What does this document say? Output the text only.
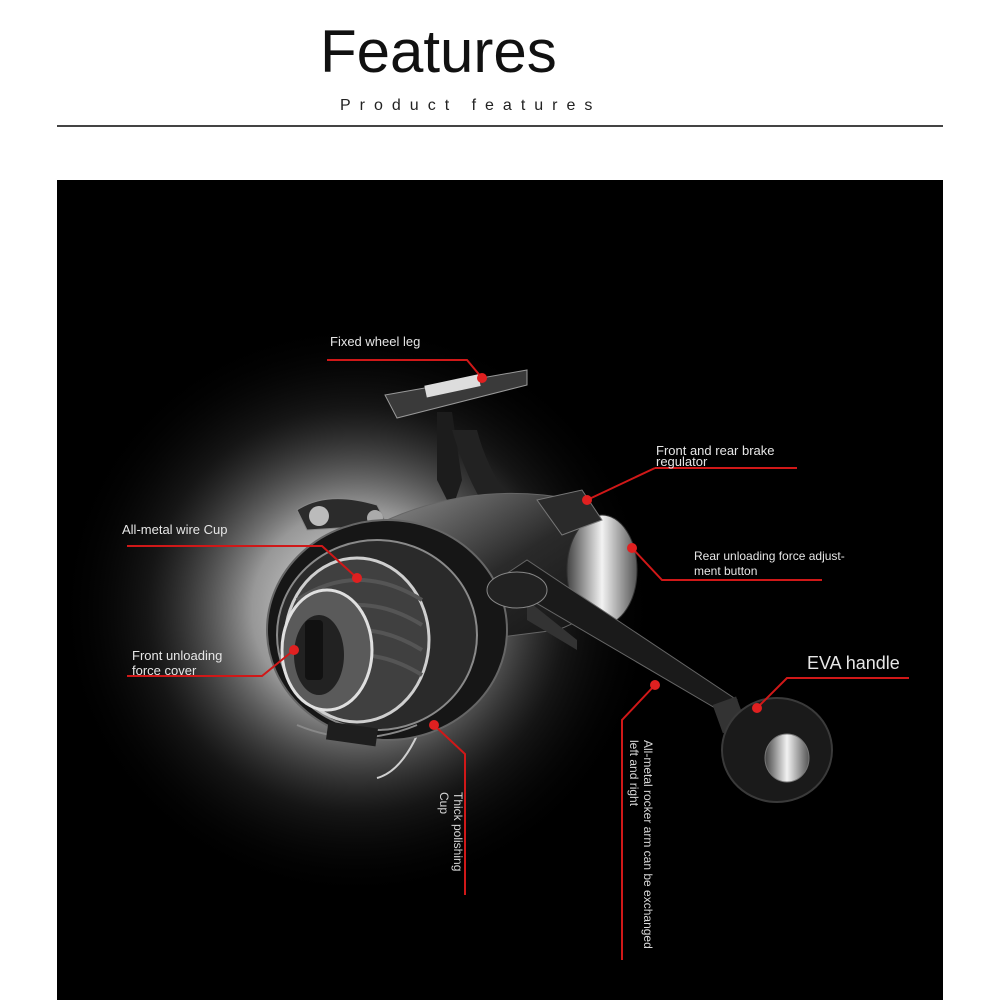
Features
Product features
Fixed wheel leg
Front and rear brake
regulator
All-metal wire Cup
Rear unloading force adjust-
ment button
Front unloading
force cover	EVA handle
Thick polishing
Cup	All-metal rocker arm can be exchanged
left and right
